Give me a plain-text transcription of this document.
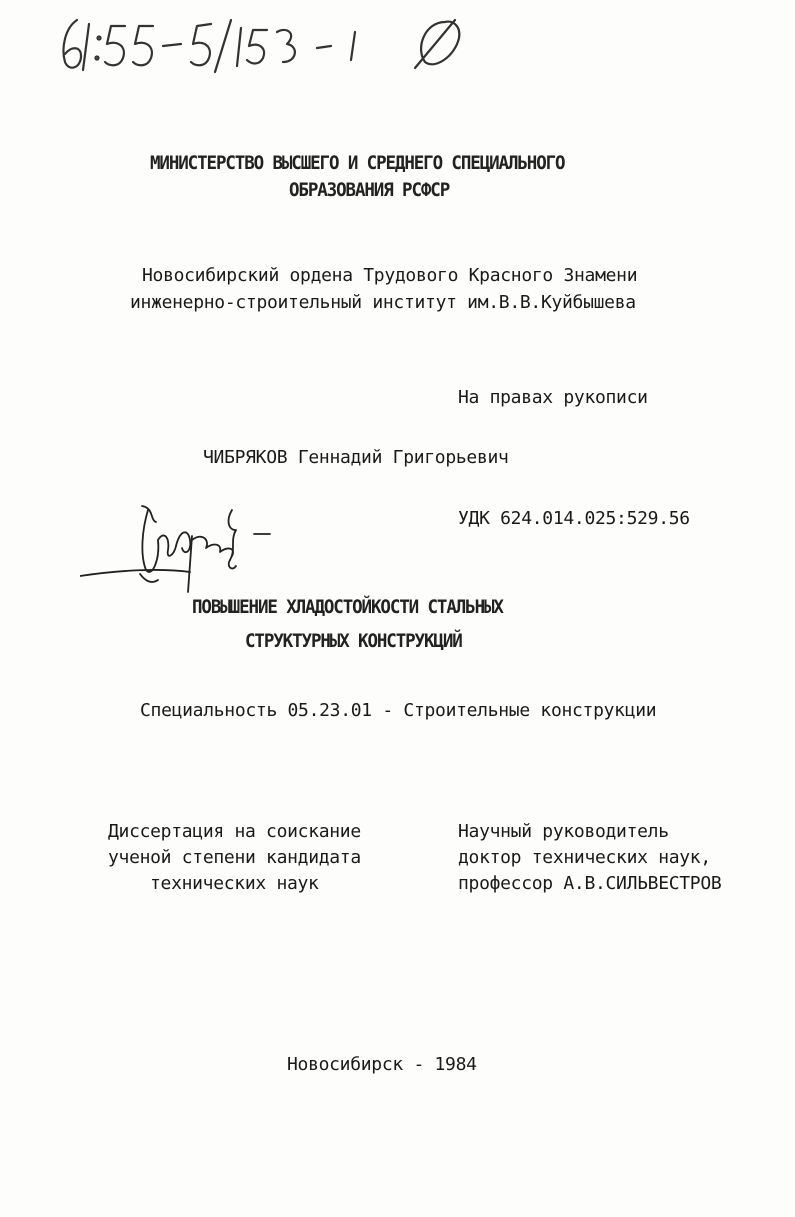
МИНИСТЕРСТВО ВЫСШЕГО И СРЕДНЕГО СПЕЦИАЛЬНОГО
ОБРАЗОВАНИЯ РСФСР
Новосибирский ордена Трудового Красного Знамени
инженерно-строительный институт им.В.В.Куйбышева
На правах рукописи
ЧИБРЯКОВ Геннадий Григорьевич
УДК 624.014.025:529.56
ПОВЫШЕНИЕ ХЛАДОСТОЙКОСТИ СТАЛЬНЫХ
СТРУКТУРНЫХ КОНСТРУКЦИЙ
Специальность 05.23.01 - Строительные конструкции
Диссертация на соискание
ученой степени кандидата
технических наук
Научный руководитель
доктор технических наук,
профессор А.В.СИЛЬВЕСТРОВ
Новосибирск - 1984
